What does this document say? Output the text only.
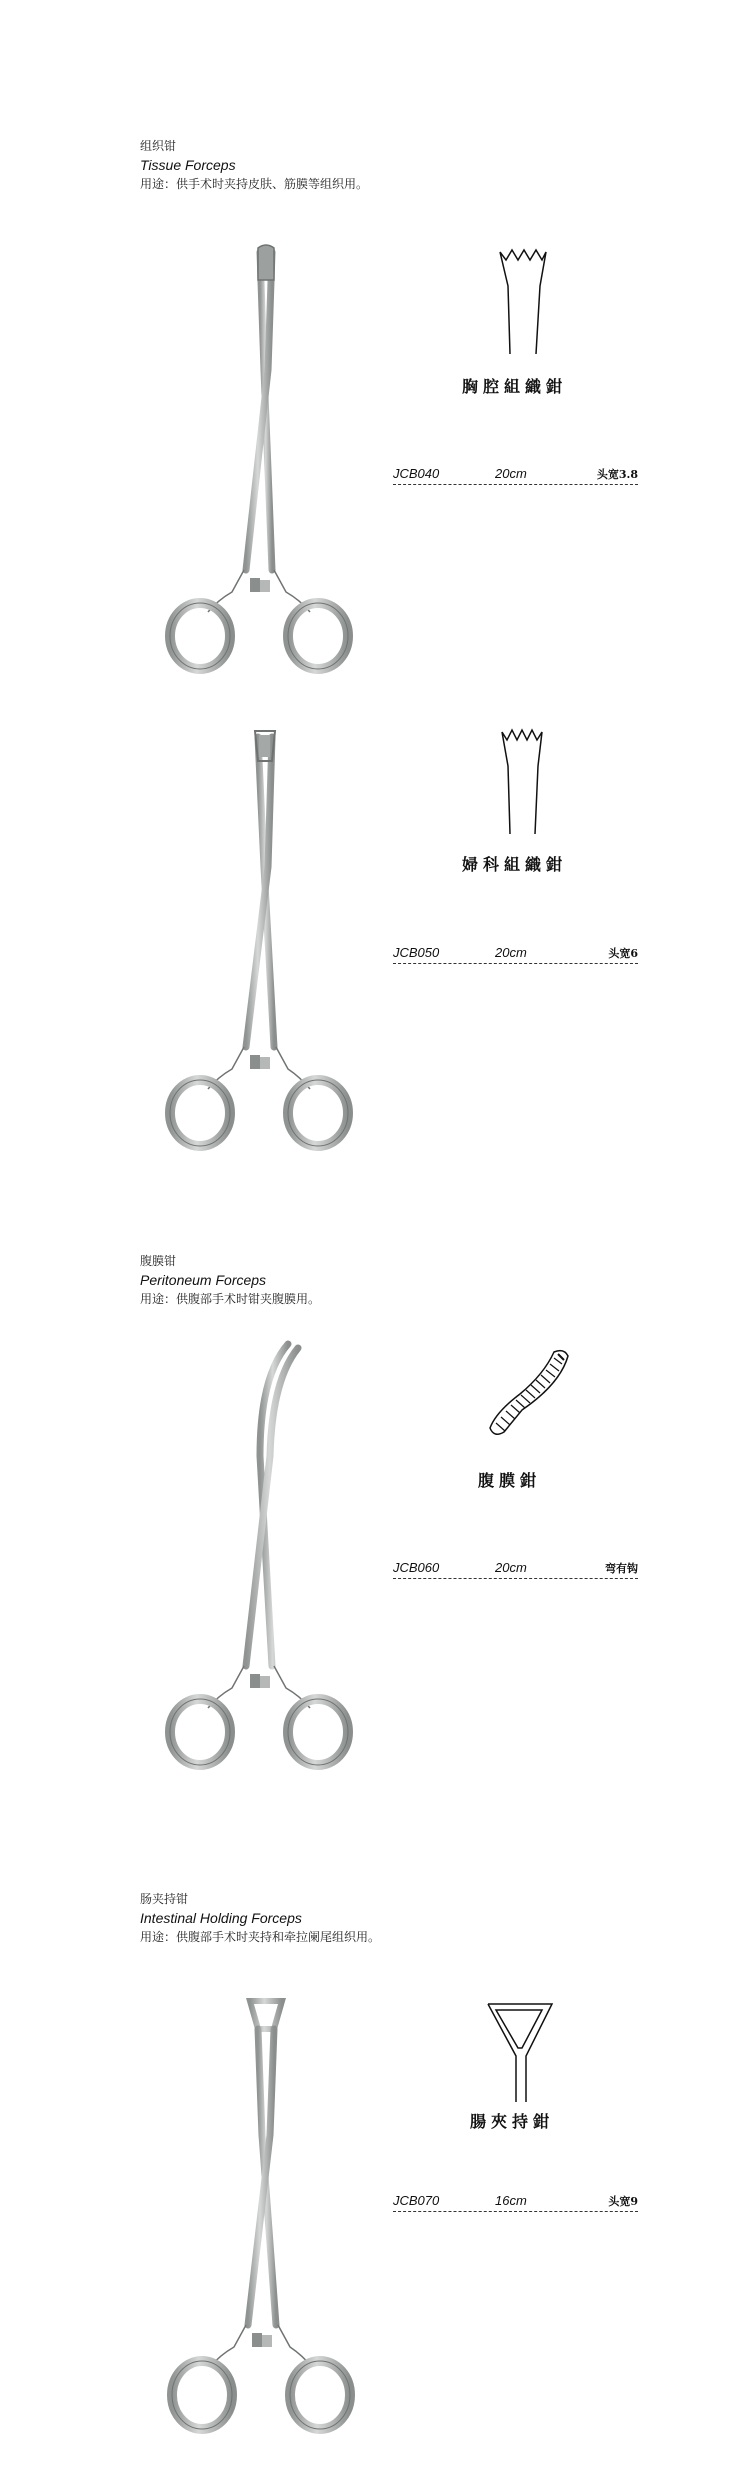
组织钳
Tissue Forceps
用途：供手术时夹持皮肤、筋膜等组织用。
胸腔組織鉗
JCB040	20cm	头宽3.8
婦科組織鉗
JCB050	20cm	头宽6
腹膜钳
Peritoneum Forceps
用途：供腹部手术时钳夹腹膜用。
腹膜鉗
JCB060	20cm	弯有钩
肠夹持钳
Intestinal Holding Forceps
用途：供腹部手术时夹持和牵拉阑尾组织用。
腸夾持鉗
JCB070	16cm	头宽9
